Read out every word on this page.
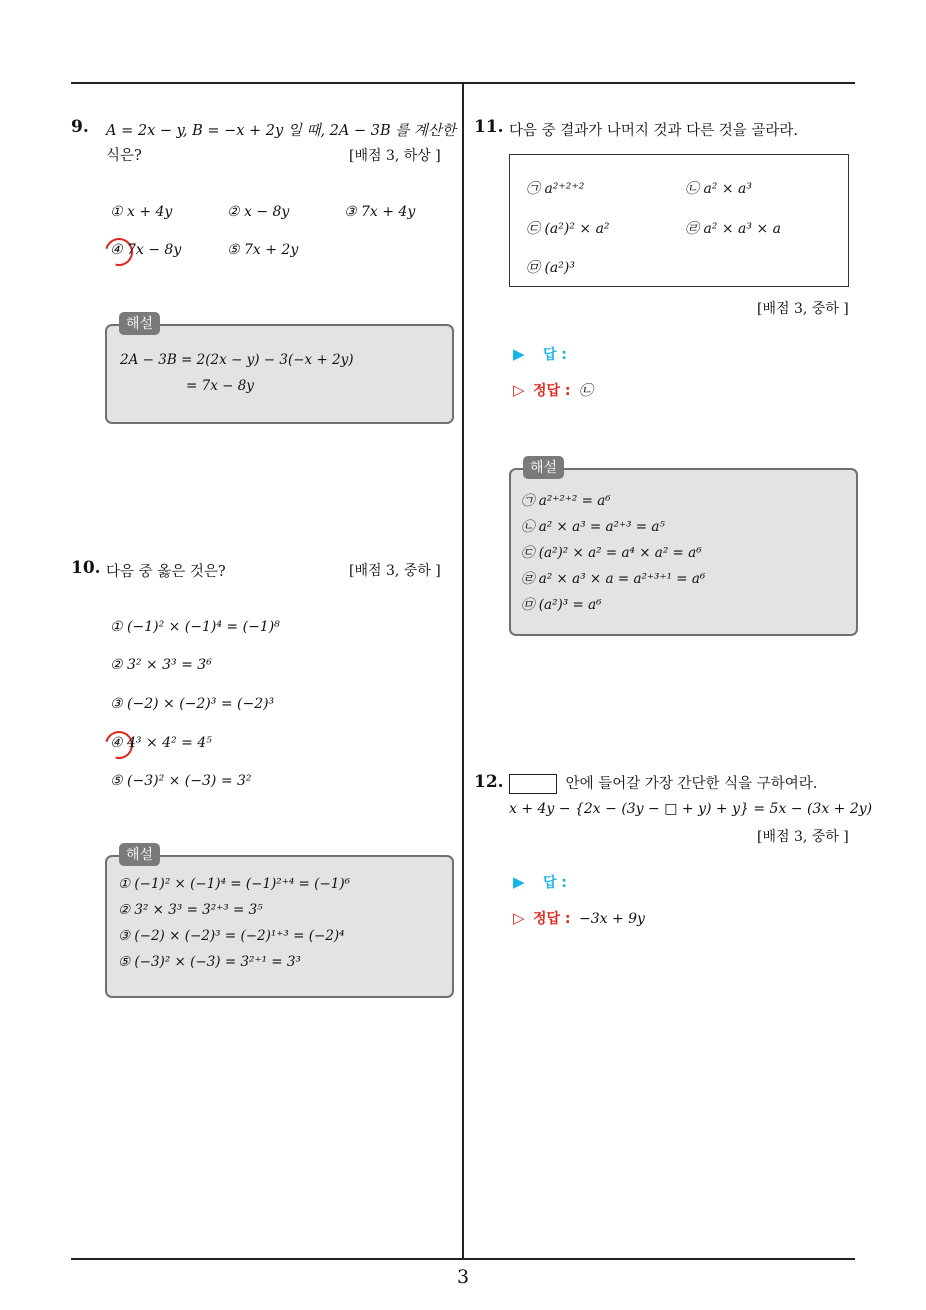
9. A = 2x − y, B = −x + 2y 일 때, 2A − 3B 를 계산한
식은?	[배점 3, 하상 ]
① x + 4y	② x − 8y	③ 7x + 4y
④ 7x − 8y	⑤ 7x + 2y
해설
2A − 3B = 2(2x − y) − 3(−x + 2y)
= 7x − 8y
10. 다음 중 옳은 것은?	[배점 3, 중하 ]
① (−1)² × (−1)⁴ = (−1)⁸
② 3² × 3³ = 3⁶
③ (−2) × (−2)³ = (−2)³
④ 4³ × 4² = 4⁵
⑤ (−3)² × (−3) = 3²
해설
① (−1)² × (−1)⁴ = (−1)²⁺⁴ = (−1)⁶
② 3² × 3³ = 3²⁺³ = 3⁵
③ (−2) × (−2)³ = (−2)¹⁺³ = (−2)⁴
⑤ (−3)² × (−3) = 3²⁺¹ = 3³
11. 다음 중 결과가 나머지 것과 다른 것을 골라라.
㉠ a²⁺²⁺²	㉡ a² × a³
㉢ (a²)² × a²	㉣ a² × a³ × a
㉤ (a²)³
[배점 3, 중하 ]
▶ 답 :
▷ 정답 : ㉡
해설
㉠ a²⁺²⁺² = a⁶
㉡ a² × a³ = a²⁺³ = a⁵
㉢ (a²)² × a² = a⁴ × a² = a⁶
㉣ a² × a³ × a = a²⁺³⁺¹ = a⁶
㉤ (a²)³ = a⁶
12.	안에 들어갈 가장 간단한 식을 구하여라.
x + 4y − {2x − (3y − □ + y) + y} = 5x − (3x + 2y)
[배점 3, 중하 ]
▶ 답 :
▷ 정답 : −3x + 9y
3
